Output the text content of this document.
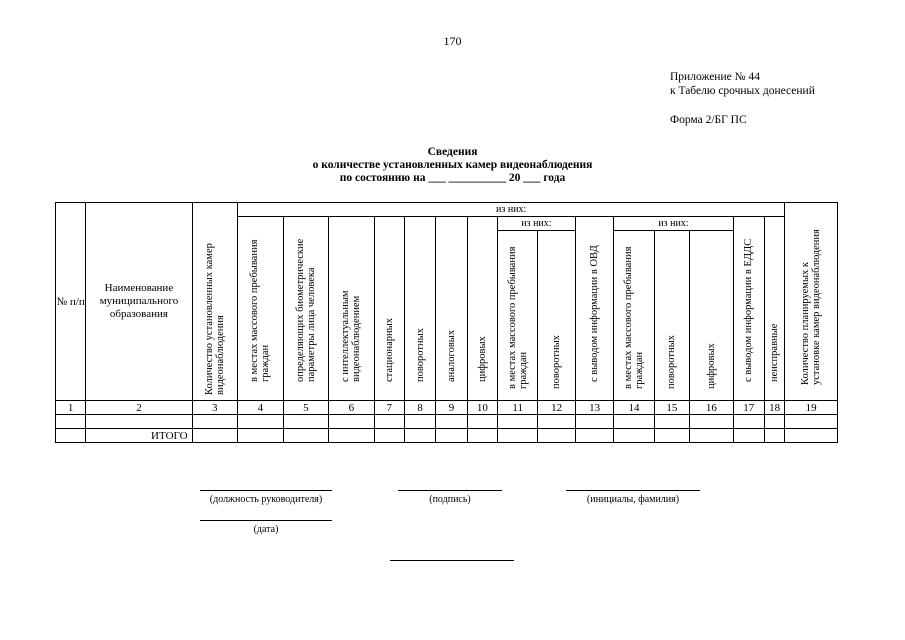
170
Приложение № 44
к Табелю срочных донесений
Форма 2/БГ ПС
Сведения
о количестве установленных камер видеонаблюдения
по состоянию на ___ __________ 20 ___ года
№ п/п	Наименование муниципального образования	Количество установленных камер видеонаблюдения	из них:															Количество планируемых к установке камер видеонаблюдения
			в местах массового пребывания граждан	определяющих биометрические параметры лица человека	с интеллектуальным видеонаблюдением	стационарных	поворотных	аналоговых	цифровых	из них:		с выводом информации в ОВД	из них:			с выводом информации в ЕДДС	неисправные	
										в местах массового пребывания граждан	поворотных		в местах массового пребывания граждан	поворотных	цифровых			

1	2	3	4	5	6	7	8	9	10	11	12	13	14	15	16	17	18	19

	ИТОГО																	
(должность руководителя)	(подпись)	(инициалы, фамилия)
(дата)
